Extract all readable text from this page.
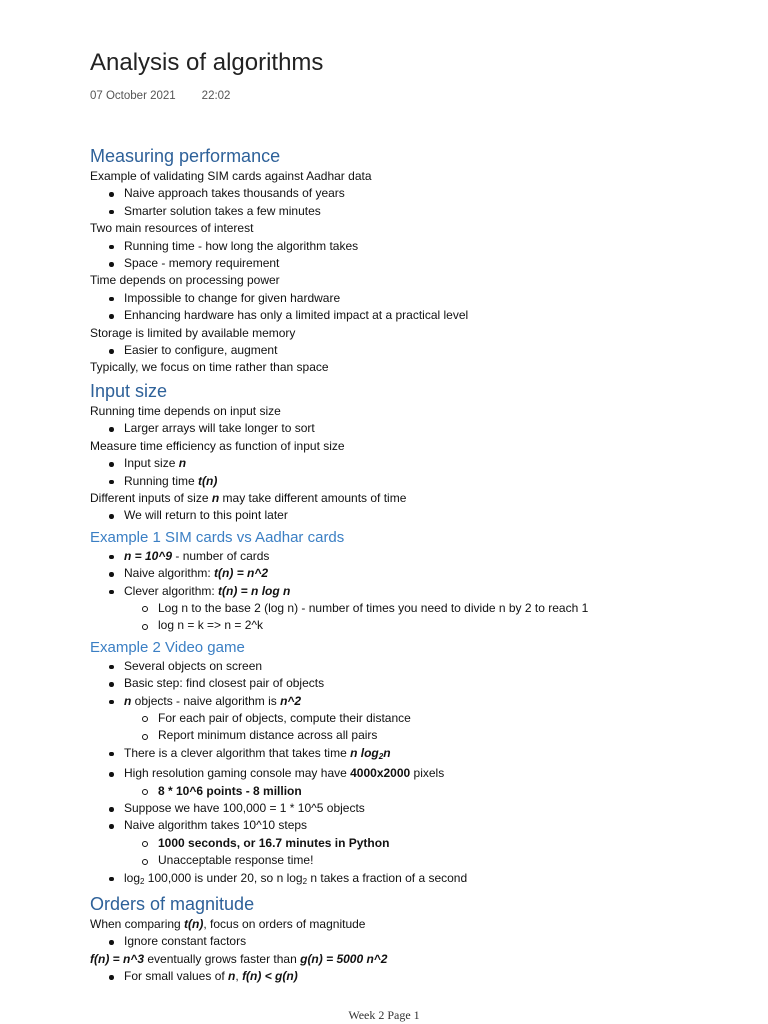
Analysis of algorithms
07 October 2021 22:02
Measuring performance

Example of validating SIM cards against Aadhar data

Naive approach takes thousands of years

Smarter solution takes a few minutes

Two main resources of interest

Running time - how long the algorithm takes

Space - memory requirement

Time depends on processing power

Impossible to change for given hardware

Enhancing hardware has only a limited impact at a practical level

Storage is limited by available memory

Easier to configure, augment

Typically, we focus on time rather than space

Input size

Running time depends on input size

Larger arrays will take longer to sort

Measure time efficiency as function of input size

Input size n

Running time t(n)

Different inputs of size n may take different amounts of time

We will return to this point later

Example 1 SIM cards vs Aadhar cards

n = 10^9 - number of cards

Naive algorithm: t(n) = n^2

Clever algorithm: t(n) = n log n

Log n to the base 2 (log n) - number of times you need to divide n by 2 to reach 1

log n = k => n = 2^k

Example 2 Video game

Several objects on screen

Basic step: find closest pair of objects

n objects - naive algorithm is n^2

For each pair of objects, compute their distance

Report minimum distance across all pairs

There is a clever algorithm that takes time n $\log_2n$

High resolution gaming console may have 4000x2000 pixels

8 * 10^6 points - 8 million

Suppose we have 100,000 = 1 * 10^5 objects

Naive algorithm takes 10^10 steps

1000 seconds, or 16.7 minutes in Python

Unacceptable response time!

$\log_2 100,000$ is under 20, so n $\log_2 n$ takes a fraction of a second

Orders of magnitude

When comparing t(n), focus on orders of magnitude

Ignore constant factors

f(n) = n^3 eventually grows faster than g(n) = 5000 n^2

For small values of n, f(n) < g(n)

Week 2 Page 1
